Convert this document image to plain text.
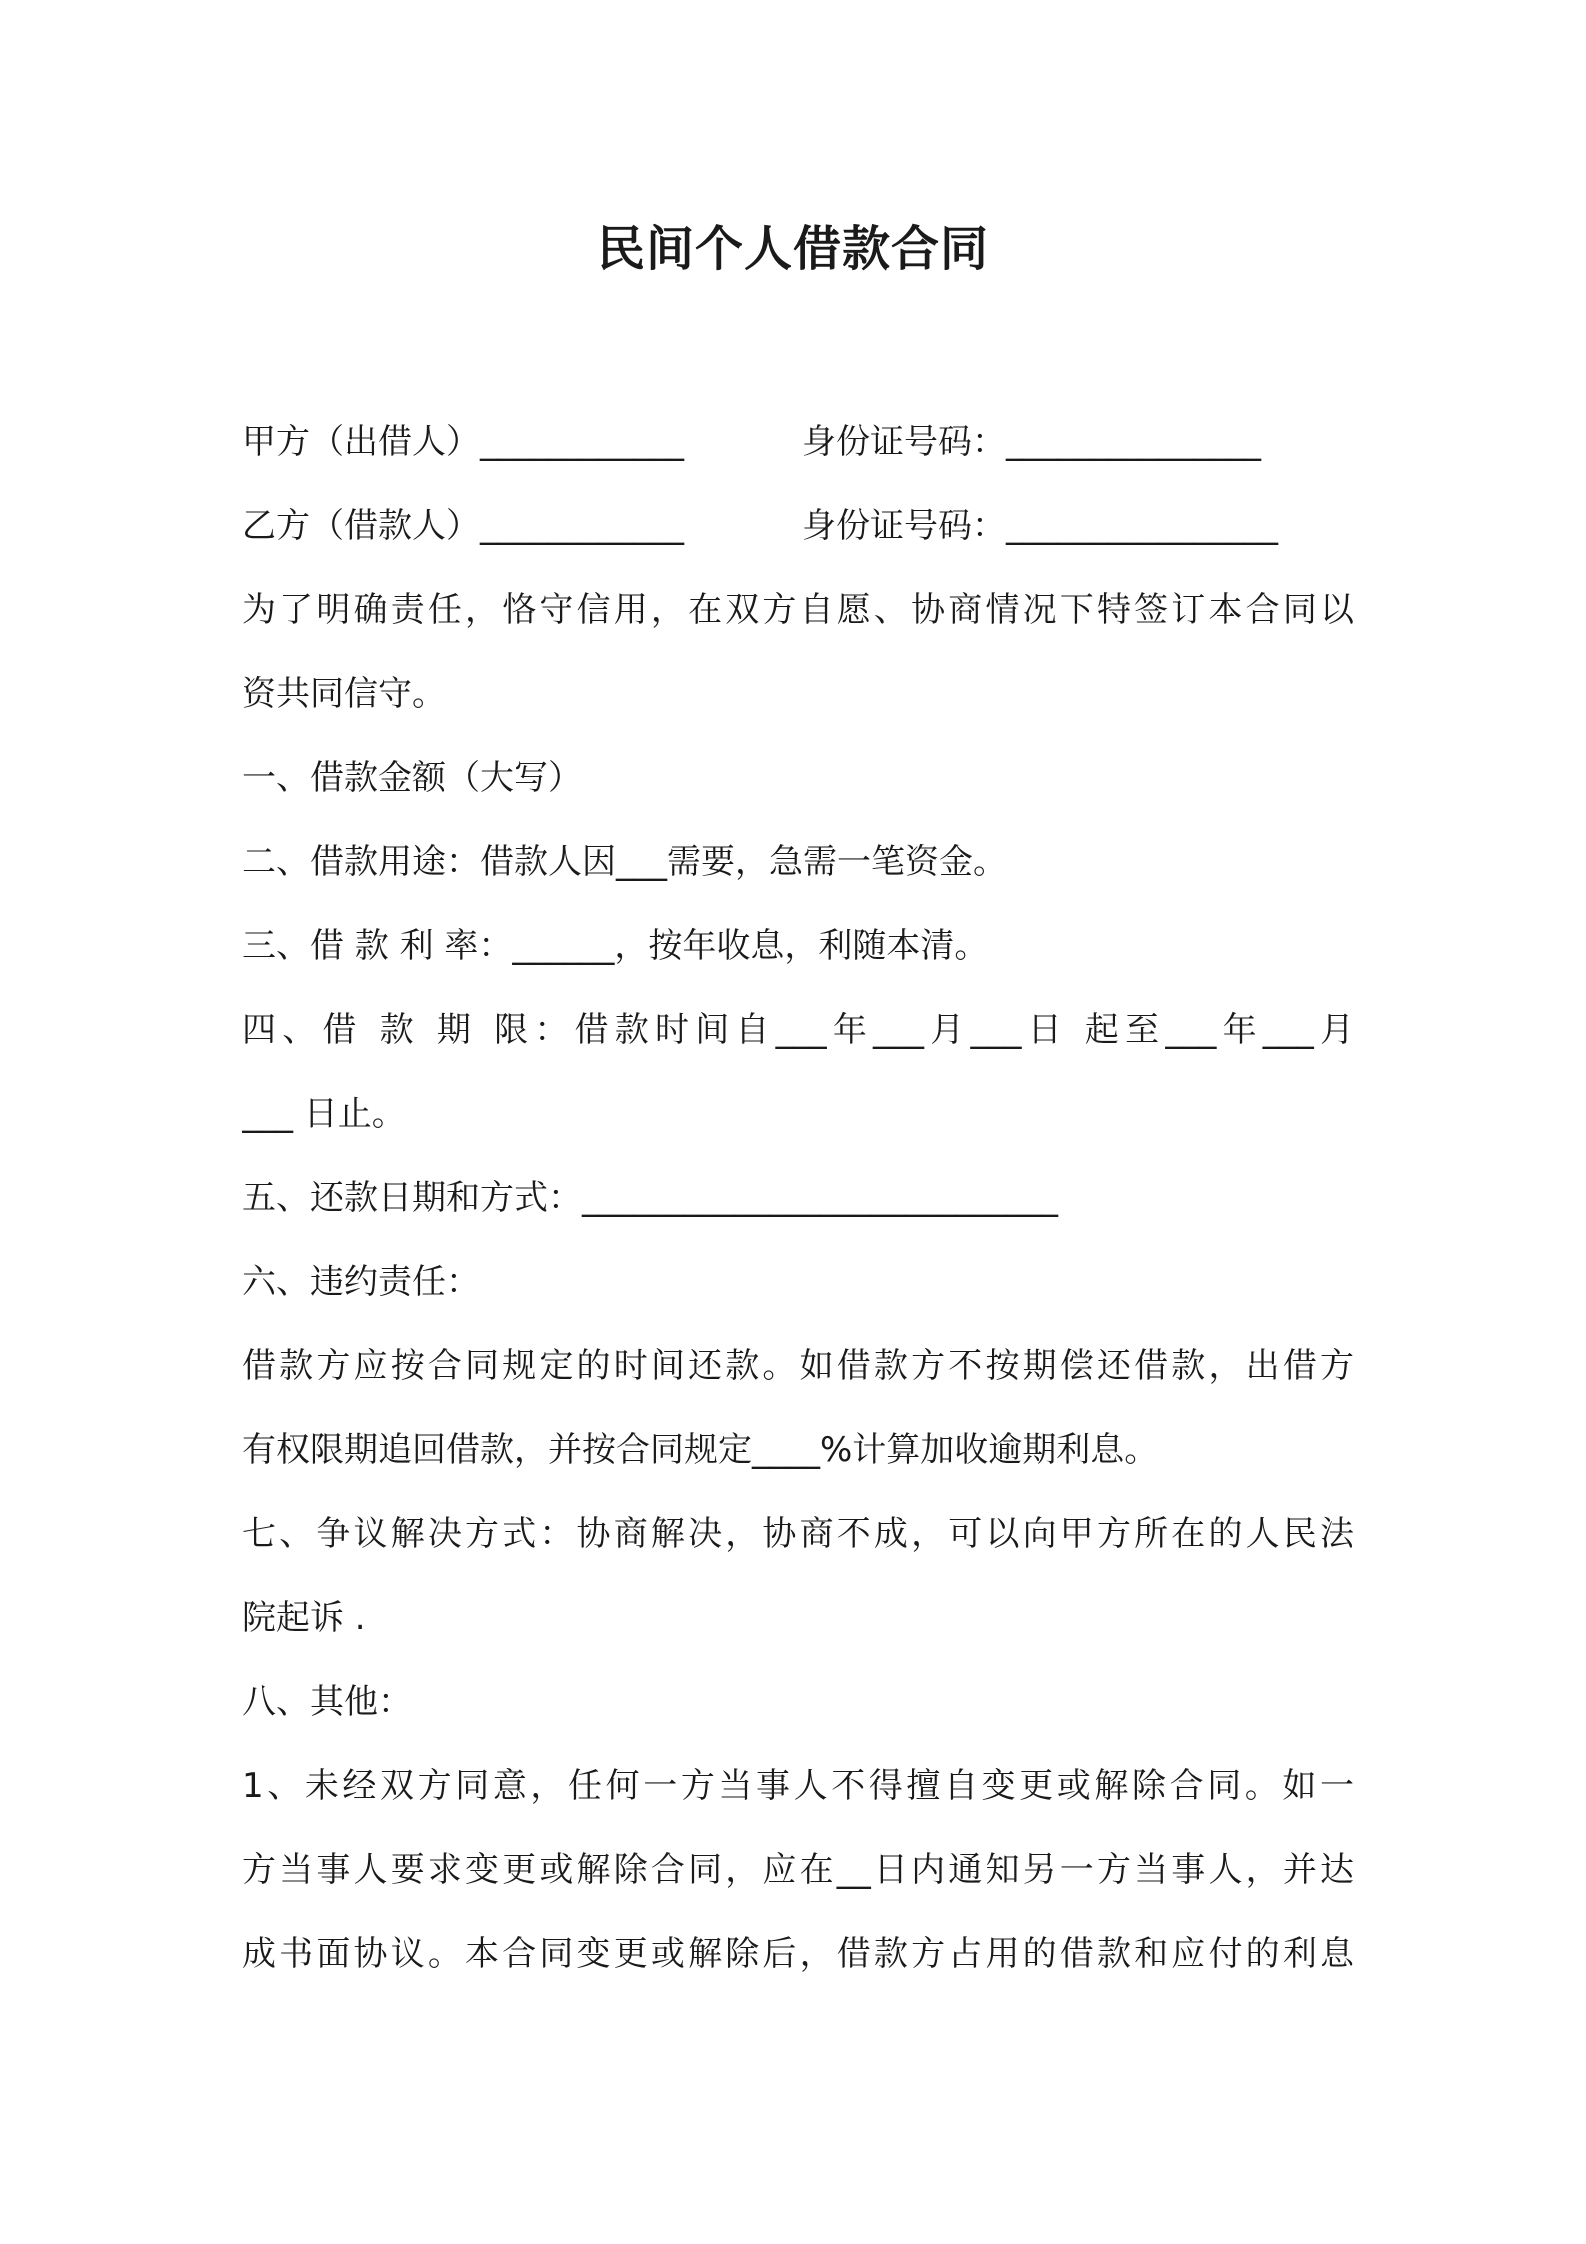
民间个人借款合同
甲方（出借人）____________	身份证号码：_______________
乙方（借款人）____________	身份证号码：________________
为了明确责任，恪守信用，在双方自愿、协商情况下特签订本合同以
资共同信守。
一、借款金额（大写）
二、借款用途：借款人因___需要，急需一笔资金。
三、借 款 利 率：______，按年收息，利随本清。
四、借 款 期 限：借款时间自___年___月___日 起至___年___月
___ 日止。
五、还款日期和方式：____________________________
六、违约责任：
借款方应按合同规定的时间还款。如借款方不按期偿还借款，出借方
有权限期追回借款，并按合同规定____%计算加收逾期利息。
七、争议解决方式：协商解决，协商不成，可以向甲方所在的人民法
院起诉 .
八、其他：
1、未经双方同意，任何一方当事人不得擅自变更或解除合同。如一
方当事人要求变更或解除合同，应在__日内通知另一方当事人，并达
成书面协议。本合同变更或解除后，借款方占用的借款和应付的利息
